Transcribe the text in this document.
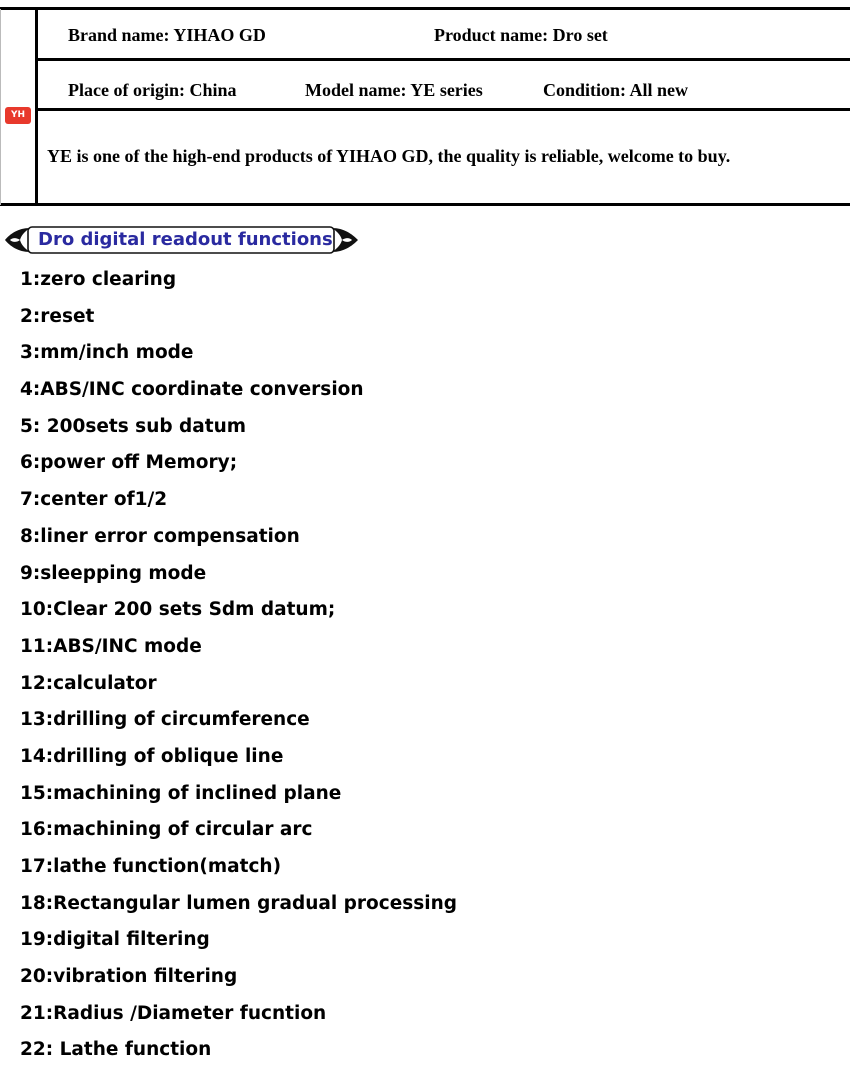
YH
Brand name: YIHAO GD	Product name: Dro set
Place of origin: China	Model name: YE series	Condition: All new
YE is one of the high-end products of YIHAO GD, the quality is reliable, welcome to buy.
Dro digital readout functions
1:zero clearing
2:reset
3:mm/inch mode
4:ABS/INC coordinate conversion
5: 200sets sub datum
6:power off Memory;
7:center of1/2
8:liner error compensation
9:sleepping mode
10:Clear 200 sets Sdm datum;
11:ABS/INC mode
12:calculator
13:drilling of circumference
14:drilling of oblique line
15:machining of inclined plane
16:machining of circular arc
17:lathe function(match)
18:Rectangular lumen gradual processing
19:digital filtering
20:vibration filtering
21:Radius /Diameter fucntion
22: Lathe function
